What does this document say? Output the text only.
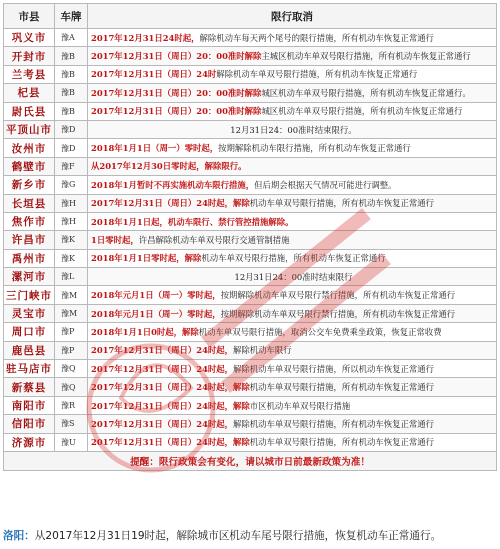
市县	车牌	限行取消
巩义市	豫A	2017年12月31日24时起，解除机动车每天两个尾号的限行措施，所有机动车恢复正常通行
开封市	豫B	2017年12月31日（周日）20：00准时解除主城区机动车单双号限行措施，所有机动车恢复正常通行
兰考县	豫B	2017年12月31日（周日）24时解除机动车单双号限行措施，所有机动车恢复正常通行
杞县	豫B	2017年12月31日（周日）20：00准时解除城区机动车单双号限行措施，所有机动车恢复正常通行。
尉氏县	豫B	2017年12月31日（周日）20：00准时解除城区机动车单双号限行措施，所有机动车恢复正常通行
平顶山市	豫D	12月31日24：00准时结束限行。
汝州市	豫D	2018年1月1日（周一）零时起，按期解除机动车限行措施，所有机动车恢复正常通行
鹤壁市	豫F	从2017年12月30日零时起，解除限行。
新乡市	豫G	2018年1月暂时不再实施机动车限行措施，但后期会根据天气情况可能进行调整。
长垣县	豫H	2017年12月31日（周日）24时起，解除机动车单双号限行措施，所有机动车恢复正常通行
焦作市	豫H	2018年1月1日起，机动车限行、禁行管控措施解除。
许昌市	豫K	1日零时起，许昌解除机动车单双号限行交通管制措施
禹州市	豫K	2018年1月1日零时起，解除机动车单双号限行措施，所有机动车恢复正常通行
漯河市	豫L	12月31日24：00准时结束限行
三门峡市	豫M	2018年元月1日（周一）零时起，按期解除机动车单双号限行禁行措施，所有机动车恢复正常通行
灵宝市	豫M	2018年元月1日（周一）零时起，按期解除机动车单双号限行禁行措施，所有机动车恢复正常通行
周口市	豫P	2018年1月1日0时起，解除机动车单双号限行措施，取消公交车免费乘坐政策，恢复正常收费
鹿邑县	豫P	2017年12月31日（周日）24时起，解除机动车限行
驻马店市	豫Q	2017年12月31日（周日）24时起，解除机动车单双号限行措施，所以机动车恢复正常通行
新蔡县	豫Q	2017年12月31日（周日）24时起，解除机动车单双号限行措施，所有机动车恢复正常通行
南阳市	豫R	2017年12月31日（周日）24时起，解除市区机动车单双号限行措施
信阳市	豫S	2017年12月31日（周日）24时起，解除机动车单双号限行措施，所有机动车恢复正常通行
济源市	豫U	2017年12月31日（周日）24时起，解除机动车单双号限行措施，所有机动车恢复正常通行
提醒：限行政策会有变化，请以城市日前最新政策为准！		
洛阳：从2017年12月31日19时起，解除城市区机动车尾号限行措施，恢复机动车正常通行。
